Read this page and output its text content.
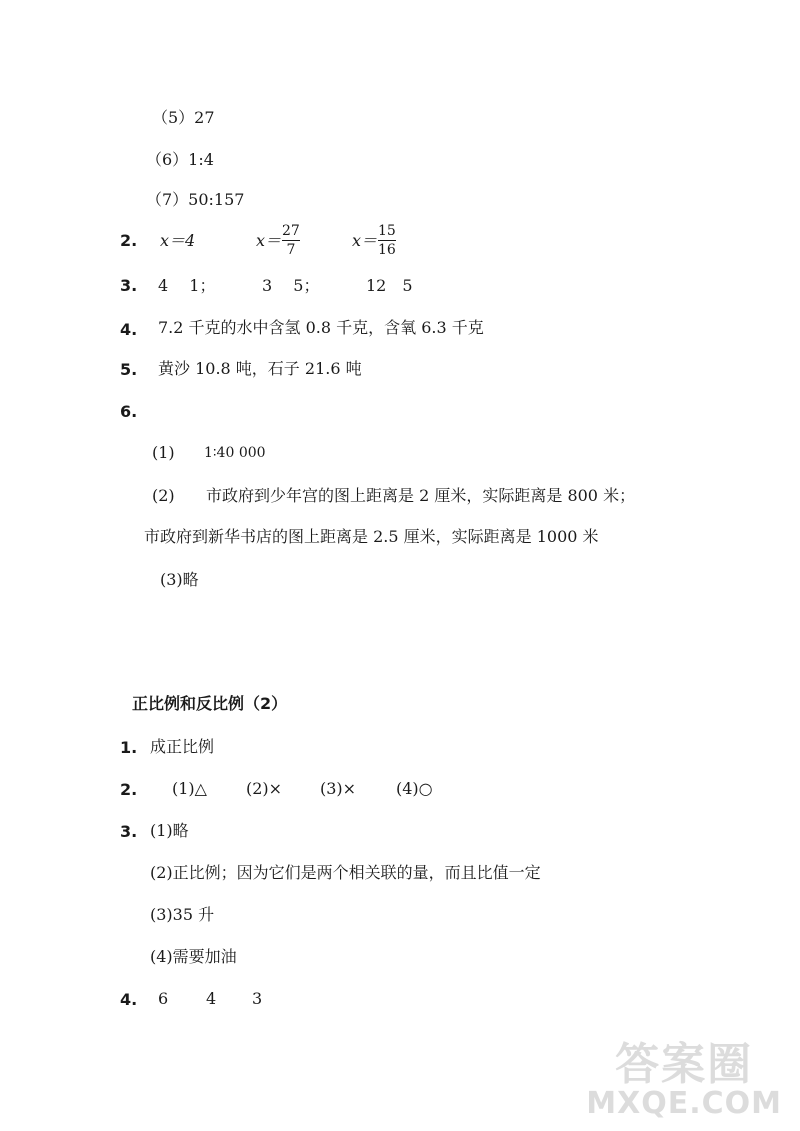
（5）27
（6）1:4
（7）50:157
2. x＝4	x＝ 27
7	x＝ 15
16
3. 4　 1；	3　 5；	12　5
4. 7.2 千克的水中含氢 0.8 千克，含氧 6.3 千克
5. 黄沙 10.8 吨，石子 21.6 吨
6.
(1) 1∶40 000
(2) 市政府到少年宫的图上距离是 2 厘米，实际距离是 800 米；
市政府到新华书店的图上距离是 2.5 厘米，实际距离是 1000 米
(3)略
正比例和反比例（2）
1. 成正比例
2. (1)△ (2)× (3)× (4)○
3. (1)略
(2)正比例；因为它们是两个相关联的量，而且比值一定
(3)35 升
(4)需要加油
4. 6 4 3
答案圈
MXQE.COM
